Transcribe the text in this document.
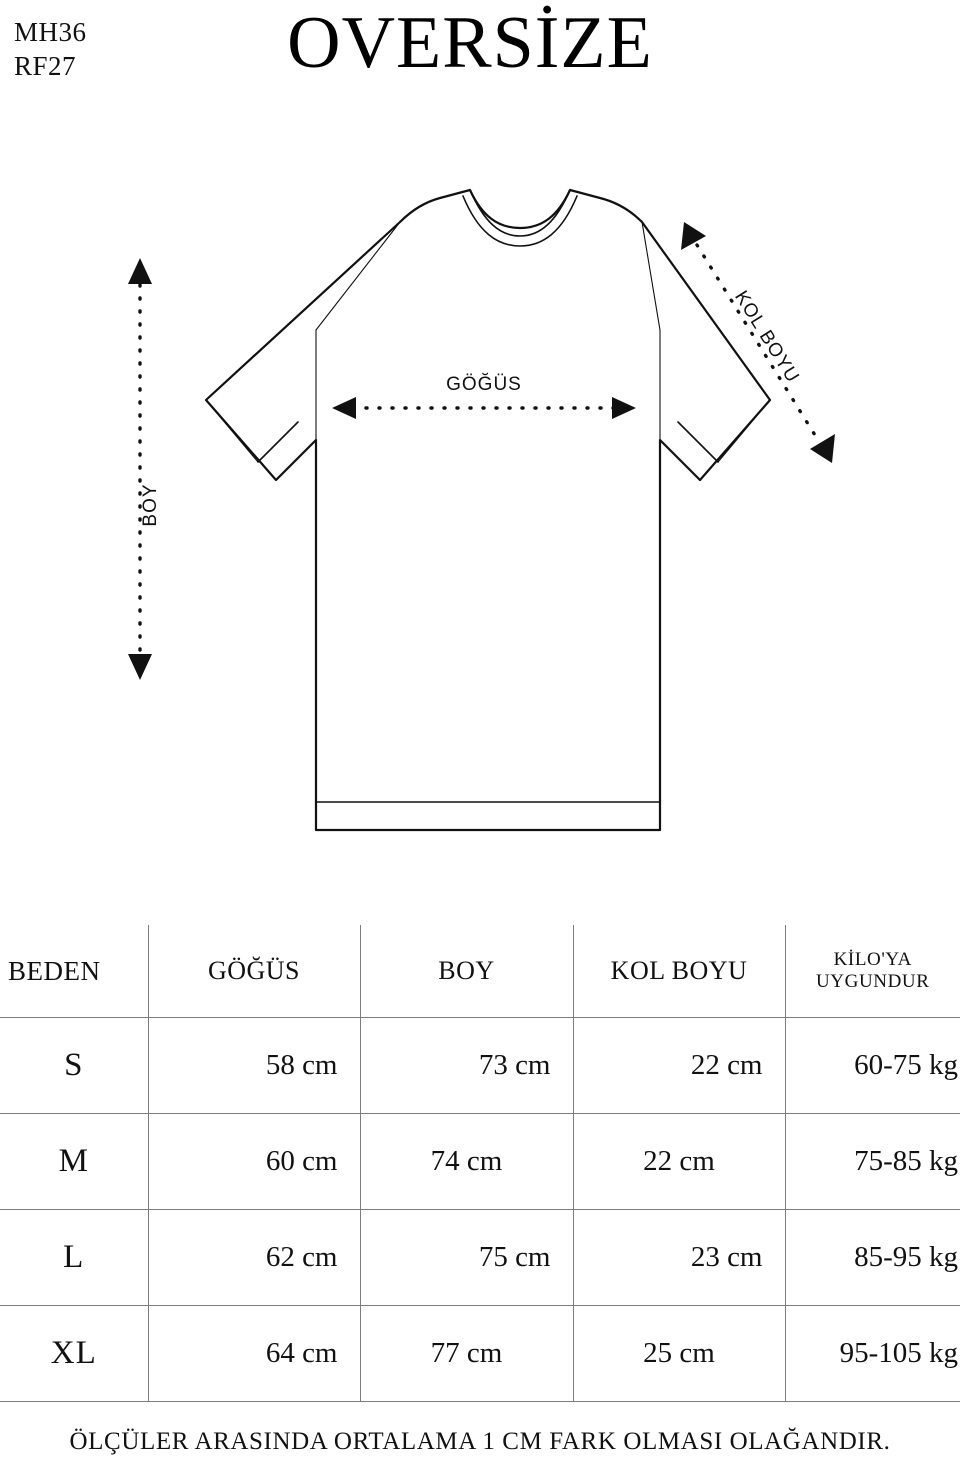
MH36
RF27	OVERSİZE
GÖĞÜS
BOY
KOL BOYU
BEDEN	GÖĞÜS	BOY	KOL BOYU	KİLO'YA
UYGUNDUR

S	58 cm	73 cm	22 cm	60-75 kg
M	60 cm	74 cm	22 cm	75-85 kg
L	62 cm	75 cm	23 cm	85-95 kg
XL	64 cm	77 cm	25 cm	95-105 kg
ÖLÇÜLER ARASINDA ORTALAMA 1 CM FARK OLMASI OLAĞANDIR.
